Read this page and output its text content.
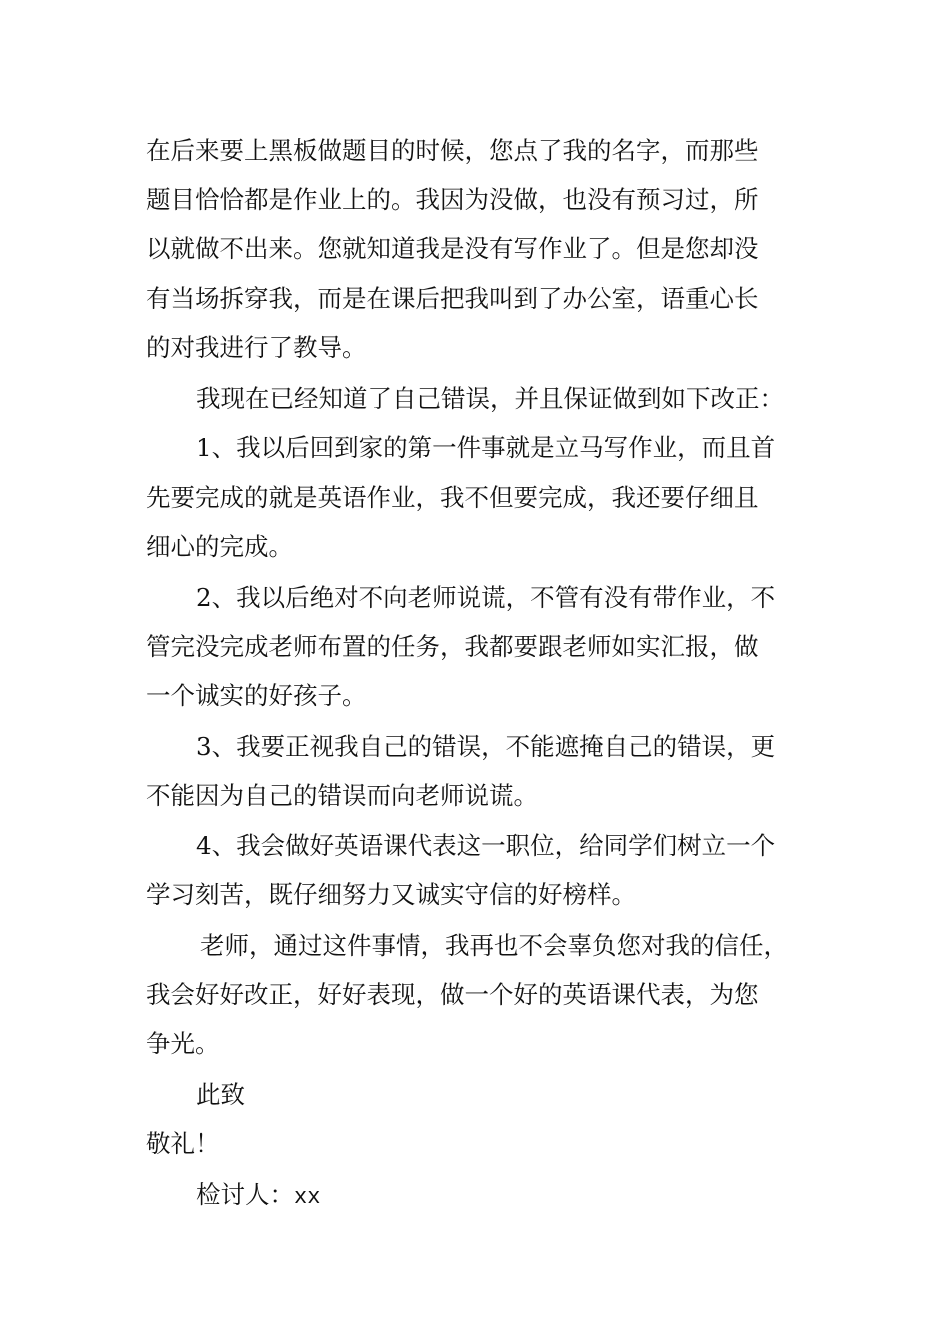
在后来要上黑板做题目的时候，您点了我的名字，而那些
题目恰恰都是作业上的。我因为没做，也没有预习过，所
以就做不出来。您就知道我是没有写作业了。但是您却没
有当场拆穿我，而是在课后把我叫到了办公室，语重心长
的对我进行了教导。
我现在已经知道了自己错误，并且保证做到如下改正：
1、我以后回到家的第一件事就是立马写作业，而且首
先要完成的就是英语作业，我不但要完成，我还要仔细且
细心的完成。
2、我以后绝对不向老师说谎，不管有没有带作业，不
管完没完成老师布置的任务，我都要跟老师如实汇报，做
一个诚实的好孩子。
3、我要正视我自己的错误，不能遮掩自己的错误，更
不能因为自己的错误而向老师说谎。
4、我会做好英语课代表这一职位，给同学们树立一个
学习刻苦，既仔细努力又诚实守信的好榜样。
老师，通过这件事情，我再也不会辜负您对我的信任，
我会好好改正，好好表现，做一个好的英语课代表，为您
争光。
此致
敬礼！
检讨人：xx
